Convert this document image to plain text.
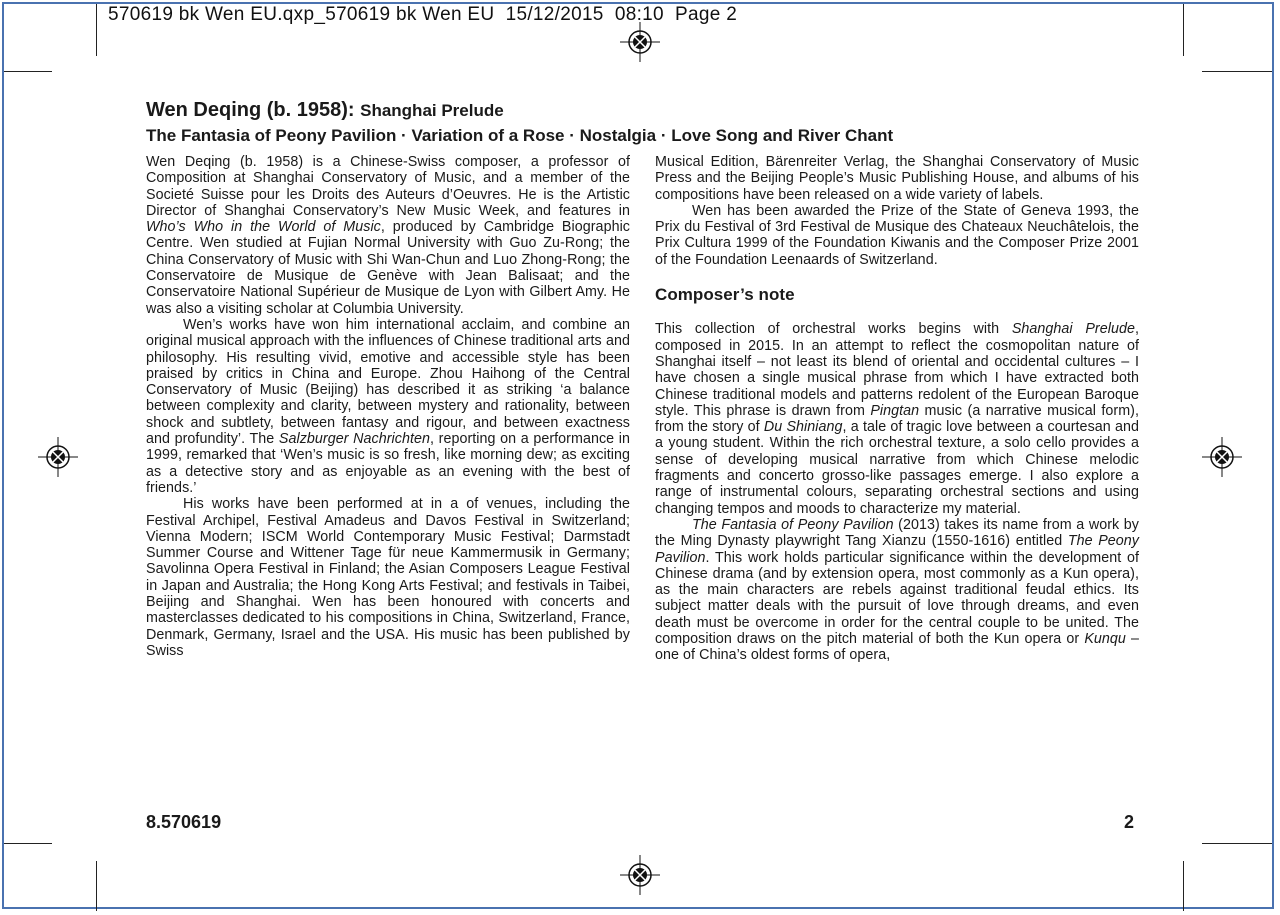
570619 bk Wen EU.qxp_570619 bk Wen EU  15/12/2015  08:10  Page 2
Wen Deqing (b. 1958): Shanghai Prelude
The Fantasia of Peony Pavilion · Variation of a Rose · Nostalgia · Love Song and River Chant

Wen Deqing (b. 1958) is a Chinese-Swiss composer, a professor of Composition at Shanghai Conservatory of Music, and a member of the Societé Suisse pour les Droits des Auteurs d’Oeuvres. He is the Artistic Director of Shanghai Conservatory’s New Music Week, and features in Who’s Who in the World of Music, produced by Cambridge Biographic Centre. Wen studied at Fujian Normal University with Guo Zu-Rong; the China Conservatory of Music with Shi Wan-Chun and Luo Zhong-Rong; the Conservatoire de Musique de Genève with Jean Balisaat; and the Conservatoire National Supérieur de Musique de Lyon with Gilbert Amy. He was also a visiting scholar at Columbia University.

Wen’s works have won him international acclaim, and combine an original musical approach with the influences of Chinese traditional arts and philosophy. His resulting vivid, emotive and accessible style has been praised by critics in China and Europe. Zhou Haihong of the Central Conservatory of Music (Beijing) has described it as striking ‘a balance between complexity and clarity, between mystery and rationality, between shock and subtlety, between fantasy and rigour, and between exactness and profundity’. The Salzburger Nachrichten, reporting on a performance in 1999, remarked that ‘Wen’s music is so fresh, like morning dew; as exciting as a detective story and as enjoyable as an evening with the best of friends.’

His works have been performed at in a of venues, including the Festival Archipel, Festival Amadeus and Davos Festival in Switzerland; Vienna Modern; ISCM World Contemporary Music Festival; Darmstadt Summer Course and Wittener Tage für neue Kammermusik in Germany; Savolinna Opera Festival in Finland; the Asian Composers League Festival in Japan and Australia; the Hong Kong Arts Festival; and festivals in Taibei, Beijing and Shanghai. Wen has been honoured with concerts and masterclasses dedicated to his compositions in China, Switzerland, France, Denmark, Germany, Israel and the USA. His music has been published by Swiss

Musical Edition, Bärenreiter Verlag, the Shanghai Conservatory of Music Press and the Beijing People’s Music Publishing House, and albums of his compositions have been released on a wide variety of labels.

Wen has been awarded the Prize of the State of Geneva 1993, the Prix du Festival of 3rd Festival de Musique des Chateaux Neuchâtelois, the Prix Cultura 1999 of the Foundation Kiwanis and the Composer Prize 2001 of the Foundation Leenaards of Switzerland.

Composer’s note

This collection of orchestral works begins with Shanghai Prelude, composed in 2015. In an attempt to reflect the cosmopolitan nature of Shanghai itself – not least its blend of oriental and occidental cultures – I have chosen a single musical phrase from which I have extracted both Chinese traditional models and patterns redolent of the European Baroque style. This phrase is drawn from Pingtan music (a narrative musical form), from the story of Du Shiniang, a tale of tragic love between a courtesan and a young student. Within the rich orchestral texture, a solo cello provides a sense of developing musical narrative from which Chinese melodic fragments and concerto grosso-like passages emerge. I also explore a range of instrumental colours, separating orchestral sections and using changing tempos and moods to characterize my material.

The Fantasia of Peony Pavilion (2013) takes its name from a work by the Ming Dynasty playwright Tang Xianzu (1550-1616) entitled The Peony Pavilion. This work holds particular significance within the development of Chinese drama (and by extension opera, most commonly as a Kun opera), as the main characters are rebels against traditional feudal ethics. Its subject matter deals with the pursuit of love through dreams, and even death must be overcome in order for the central couple to be united. The composition draws on the pitch material of both the Kun opera or Kunqu – one of China’s oldest forms of opera,

8.570619	2
